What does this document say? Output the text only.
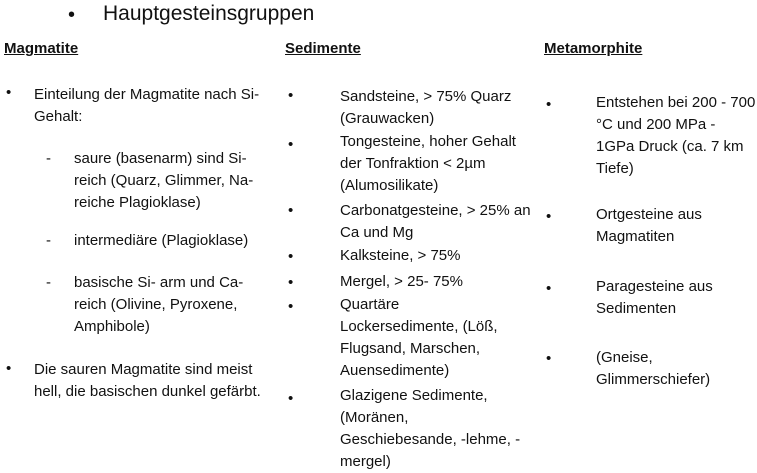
• Hauptgesteinsgruppen
Magmatite	Sedimente	Metamorphite
• Einteilung der Magmatite nach Si- Gehalt:
- saure (basenarm) sind Si-reich (Quarz, Glimmer, Na-reiche Plagioklase)
- intermediäre (Plagioklase)
- basische Si- arm und Ca-reich (Olivine, Pyroxene, Amphibole)
• Die sauren Magmatite sind meist hell, die basischen dunkel gefärbt.
•	Sandsteine, > 75% Quarz (Grauwacken)
•	Tongesteine, hoher Gehalt der Tonfraktion < 2µm (Alumosilikate)
•	Carbonatgesteine, > 25% an Ca und Mg
•	Kalksteine, > 75%
•	Mergel, > 25- 75%
•	Quartäre Lockersedimente, (Löß, Flugsand, Marschen, Auensedimente)
•	Glazigene Sedimente, (Moränen, Geschiebesande, -lehme, -mergel)
•	Entstehen bei 200 - 700 °C und 200 MPa - 1GPa Druck (ca. 7 km Tiefe)
•	Ortgesteine aus Magmatiten
•	Paragesteine aus Sedimenten
•	(Gneise, Glimmerschiefer)
